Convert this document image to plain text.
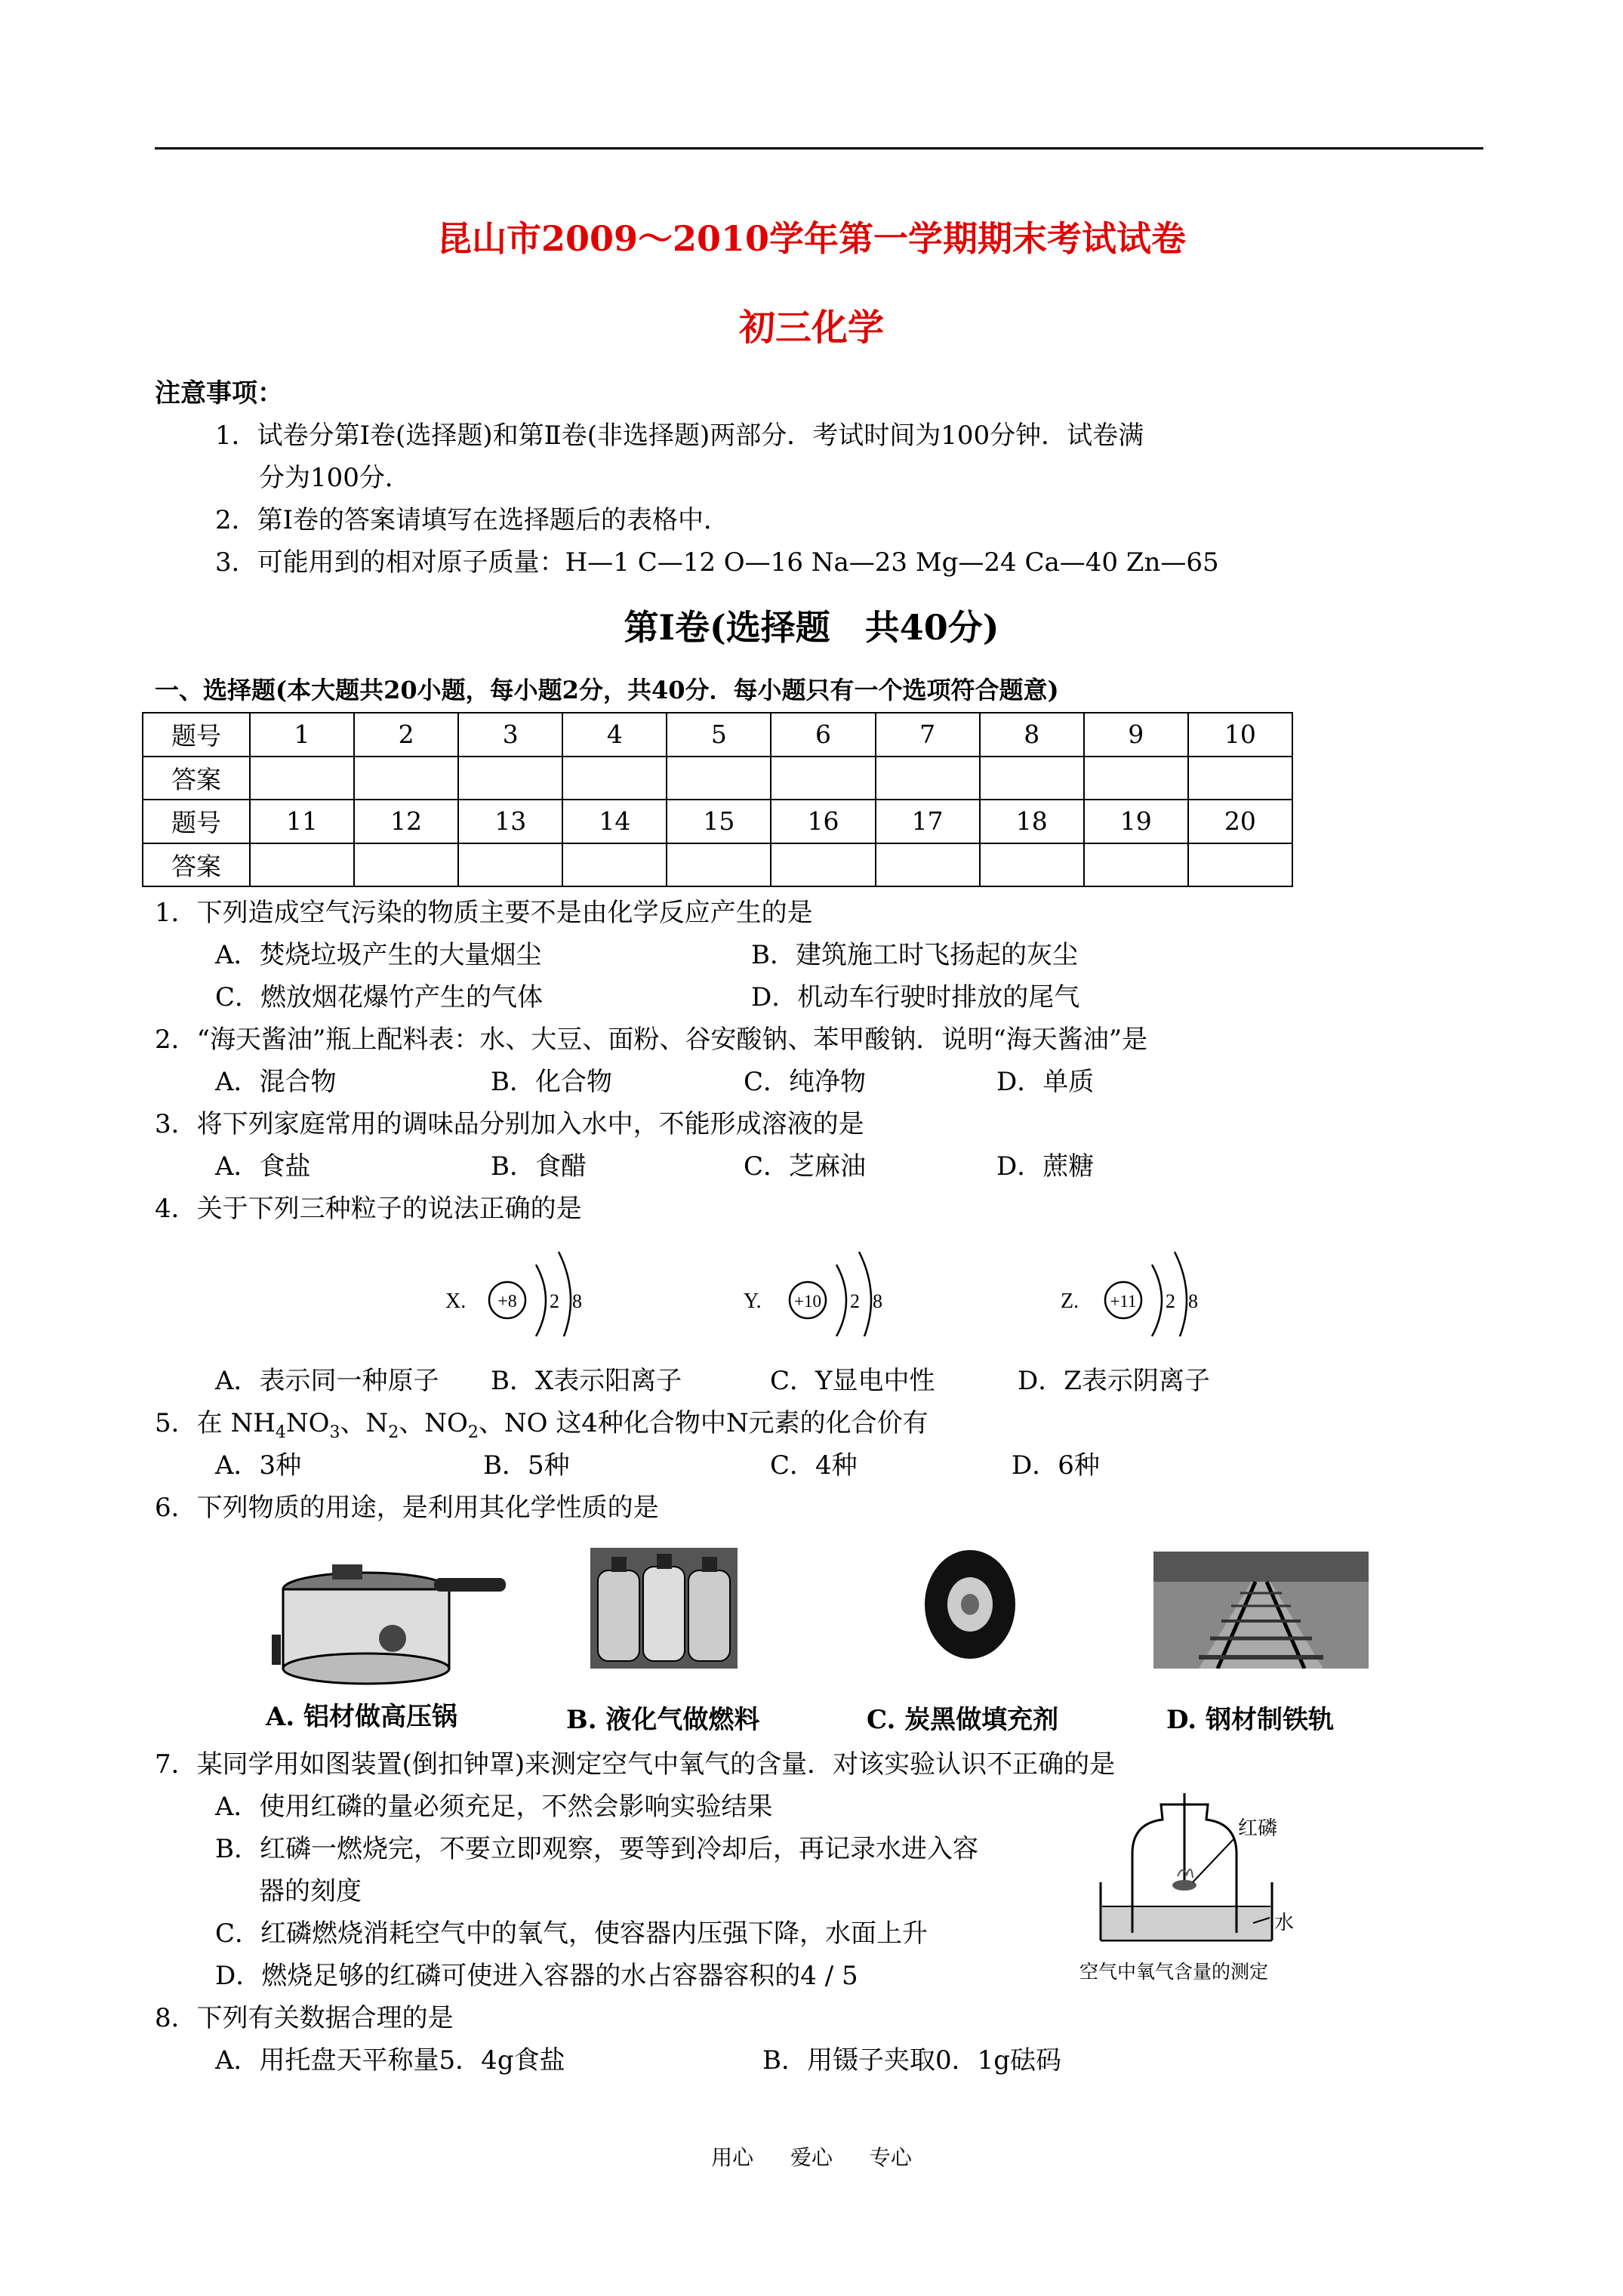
昆山市2009～2010学年第一学期期末考试试卷
初三化学
注意事项：
1．试卷分第Ⅰ卷(选择题)和第Ⅱ卷(非选择题)两部分．考试时间为100分钟．试卷满
分为100分．
2．第Ⅰ卷的答案请填写在选择题后的表格中．
3．可能用到的相对原子质量：H—1 C—12 O—16 Na—23 Mg—24 Ca—40 Zn—65
第Ⅰ卷(选择题　共40分)
一、选择题(本大题共20小题，每小题2分，共40分．每小题只有一个选项符合题意)
题号	1	2	3	4	5	6	7	8	9	10
答案										
题号	11	12	13	14	15	16	17	18	19	20
答案										
1．下列造成空气污染的物质主要不是由化学反应产生的是
A．焚烧垃圾产生的大量烟尘	B．建筑施工时飞扬起的灰尘
C．燃放烟花爆竹产生的气体	D．机动车行驶时排放的尾气
2．“海天酱油”瓶上配料表：水、大豆、面粉、谷安酸钠、苯甲酸钠．说明“海天酱油”是
A．混合物	B．化合物	C．纯净物	D．单质
3．将下列家庭常用的调味品分别加入水中，不能形成溶液的是
A．食盐	B．食醋	C．芝麻油	D．蔗糖
4．关于下列三种粒子的说法正确的是
X. +8 2 8	Y. +10 2 8	Z. +11 2 8
A．表示同一种原子 B．X表示阳离子	C．Y显电中性	D．Z表示阴离子
5．在 $NH_4NO_3$、$N_2$、$NO_2$、NO 这4种化合物中N元素的化合价有
A．3种	B．5种	C．4种	D．6种
6．下列物质的用途，是利用其化学性质的是
A. 铝材做高压锅	B. 液化气做燃料	C. 炭黑做填充剂	D. 钢材制铁轨
7．某同学用如图装置(倒扣钟罩)来测定空气中氧气的含量．对该实验认识不正确的是
A．使用红磷的量必须充足，不然会影响实验结果
B．红磷一燃烧完，不要立即观察，要等到冷却后，再记录水进入容
器的刻度
C．红磷燃烧消耗空气中的氧气，使容器内压强下降，水面上升
D．燃烧足够的红磷可使进入容器的水占容器容积的4 / 5
红磷
水
空气中氧气含量的测定
8．下列有关数据合理的是
A．用托盘天平称量5．4g食盐	B．用镊子夹取0．1g砝码
用心 爱心 专心
